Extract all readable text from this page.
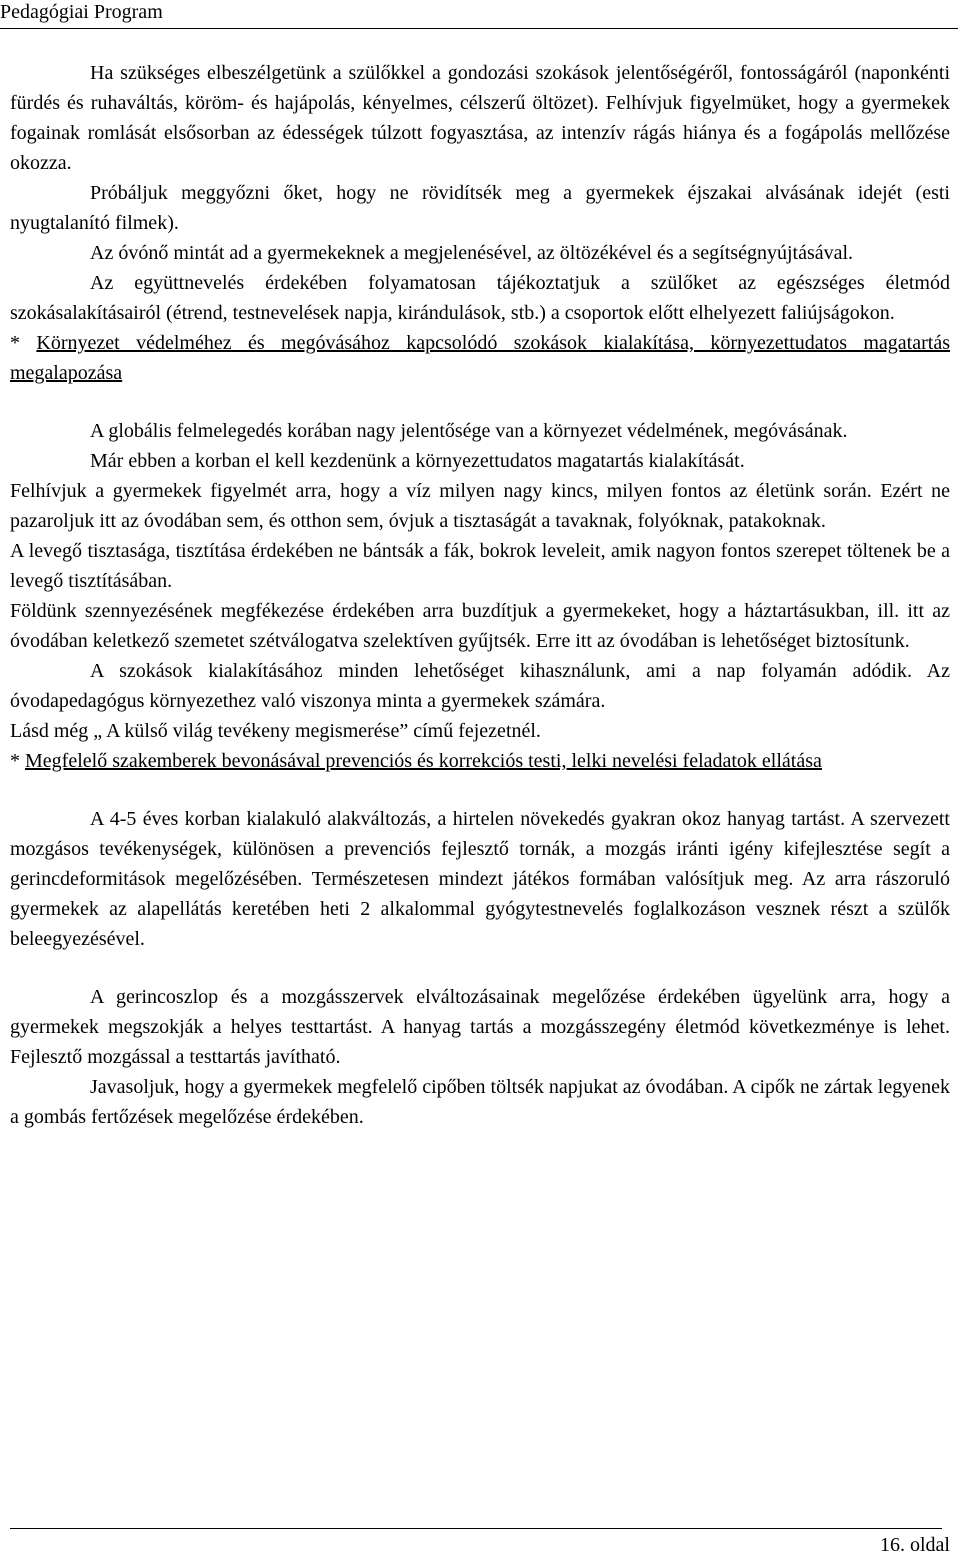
Pedagógiai Program

Ha szükséges elbeszélgetünk a szülőkkel a gondozási szokások jelentőségéről, fontosságáról (naponkénti fürdés és ruhaváltás, köröm- és hajápolás, kényelmes, célszerű öltözet). Felhívjuk figyelmüket, hogy a gyermekek fogainak romlását elsősorban az édességek túlzott fogyasztása, az intenzív rágás hiánya és a fogápolás mellőzése okozza.

Próbáljuk meggyőzni őket, hogy ne rövidítsék meg a gyermekek éjszakai alvásának idejét (esti nyugtalanító filmek).

Az óvónő mintát ad a gyermekeknek a megjelenésével, az öltözékével és a segítségnyújtásával.

Az együttnevelés érdekében folyamatosan tájékoztatjuk a szülőket az egészséges életmód szokásalakításairól (étrend, testnevelések napja, kirándulások, stb.) a csoportok előtt elhelyezett faliújságokon.

* Környezet védelméhez és megóvásához kapcsolódó szokások kialakítása, környezettudatos magatartás megalapozása

A globális felmelegedés korában nagy jelentősége van a környezet védelmének, megóvásának.

Már ebben a korban el kell kezdenünk a környezettudatos magatartás kialakítását.

Felhívjuk a gyermekek figyelmét arra, hogy a víz milyen nagy kincs, milyen fontos az életünk során. Ezért ne pazaroljuk itt az óvodában sem, és otthon sem, óvjuk a tisztaságát a tavaknak, folyóknak, patakoknak.

A levegő tisztasága, tisztítása érdekében ne bántsák a fák, bokrok leveleit, amik nagyon fontos szerepet töltenek be a levegő tisztításában.

Földünk szennyezésének megfékezése érdekében arra buzdítjuk a gyermekeket, hogy a háztartásukban, ill. itt az óvodában keletkező szemetet szétválogatva szelektíven gyűjtsék. Erre itt az óvodában is lehetőséget biztosítunk.

A szokások kialakításához minden lehetőséget kihasználunk, ami a nap folyamán adódik. Az óvodapedagógus környezethez való viszonya minta a gyermekek számára.

Lásd még „ A külső világ tevékeny megismerése” című fejezetnél.

* Megfelelő szakemberek bevonásával prevenciós és korrekciós testi, lelki nevelési feladatok ellátása

A 4-5 éves korban kialakuló alakváltozás, a hirtelen növekedés gyakran okoz hanyag tartást. A szervezett mozgásos tevékenységek, különösen a prevenciós fejlesztő tornák, a mozgás iránti igény kifejlesztése segít a gerincdeformitások megelőzésében. Természetesen mindezt játékos formában valósítjuk meg. Az arra rászoruló gyermekek az alapellátás keretében heti 2 alkalommal gyógytestnevelés foglalkozáson vesznek részt a szülők beleegyezésével.

A gerincoszlop és a mozgásszervek elváltozásainak megelőzése érdekében ügyelünk arra, hogy a gyermekek megszokják a helyes testtartást. A hanyag tartás a mozgásszegény életmód következménye is lehet. Fejlesztő mozgással a testtartás javítható.

Javasoljuk, hogy a gyermekek megfelelő cipőben töltsék napjukat az óvodában. A cipők ne zártak legyenek a gombás fertőzések megelőzése érdekében.

16. oldal
